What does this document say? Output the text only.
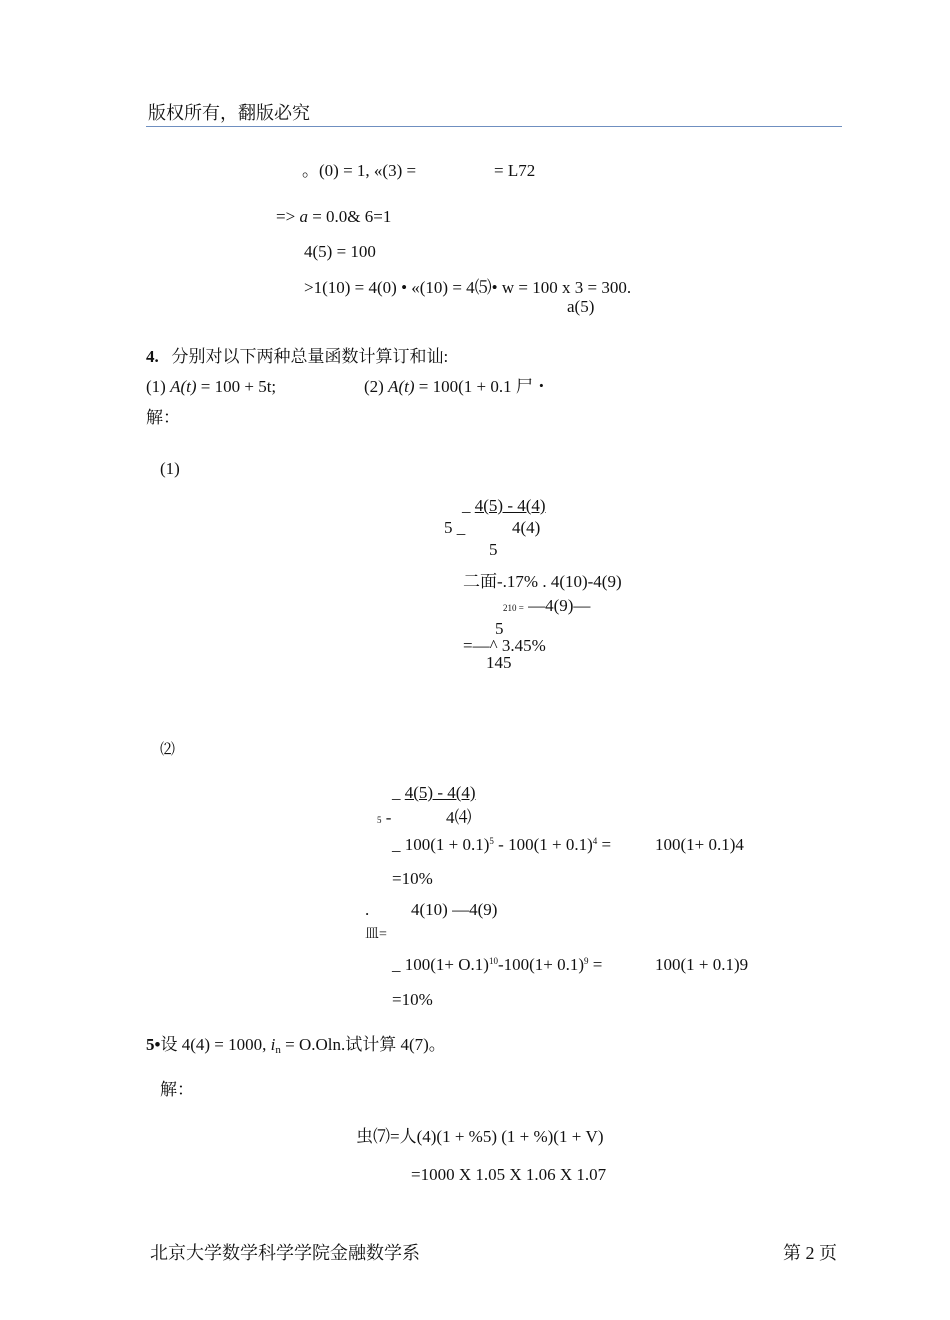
版权所有，翻版必究
。(0) = 1, «(3) =	= L72
=> a = 0.0& 6=1
4(5) = 100
>1(10) = 4(0) • «(10) = 4⑸• w = 100 x 3 = 300.
a(5)
4. 分别对以下两种总量函数计算订和讪:
(1) A(t) = 100 + 5t;	(2) A(t) = 100(1 + 0.1 尸・
解：
(1)
_ 4(5) - 4(4)
5 _	4(4)
5
二面-.17% . 4(10)-4(9)
210 = —4(9)—
5
=—^ 3.45%
145
⑵
_ 4(5) - 4(4)
5 -	4⑷
_ $100(1 + 0.1)^5 - 100(1 + 0.1)^4$ =	100(1+ 0.1)4
=10%
. 4(10) —4(9)
皿=
_ $100(1+ O.1)^{10}-100(1+ 0.1)^9$ =	100(1 + 0.1)9
=10%
5•设 4(4) = 1000, $i_n = O.Oln$.试计算 4(7)。
解：
虫⑺=人(4)(1 + %5) (1 + %)(1 + V)
=1000 X 1.05 X 1.06 X 1.07
北京大学数学科学学院金融数学系	第 2 页
